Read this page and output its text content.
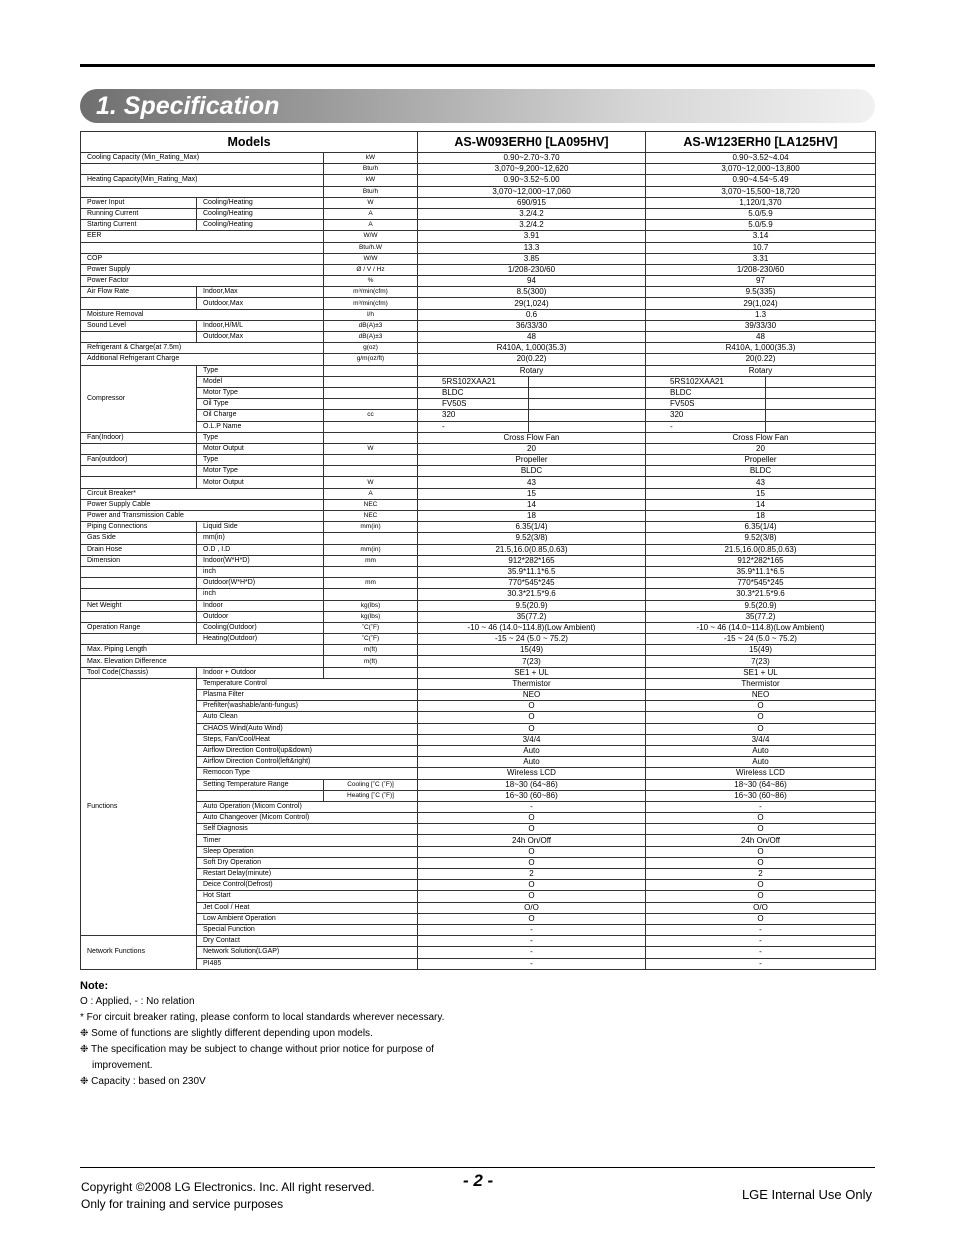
1. Specification
Models			AS-W093ERH0 [LA095HV]		AS-W123ERH0 [LA125HV]	
Cooling Capacity (Min_Rating_Max)		kW	0.90~2.70~3.70		0.90~3.52~4.04	
		Btu/h	3,070~9,200~12,620		3,070~12,000~13,800	
Heating Capacity(Min_Rating_Max)		kW	0.90~3.52~5.00		0.90~4.54~5.49	
		Btu/h	3,070~12,000~17,060		3,070~15,500~18,720	
Power Input	Cooling/Heating	W	690/915		1,120/1,370	
Running Current	Cooling/Heating	A	3.2/4.2		5.0/5.9	
Starting Current	Cooling/Heating	A	3.2/4.2		5.0/5.9	
EER		W/W	3.91		3.14	
		Btu/h.W	13.3		10.7	
COP		W/W	3.85		3.31	
Power Supply		Ø / V / Hz	1/208-230/60		1/208-230/60	
Power Factor		%	94		97	
Air Flow Rate	Indoor,Max	m³/min(cfm)	8.5(300)		9.5(335)	
	Outdoor,Max	m³/min(cfm)	29(1,024)		29(1,024)	
Moisture Removal		l/h	0.6		1.3	
Sound Level	Indoor,H/M/L	dB(A)±3	36/33/30		39/33/30	
	Outdoor,Max	dB(A)±3	48		48	
Refrigerant & Charge(at 7.5m)		g(oz)	R410A, 1,000(35.3)		R410A, 1,000(35.3)	
Additional Refrigerant Charge		g/m(oz/ft)	20(0.22)		20(0.22)	
Compressor	Type		Rotary		Rotary	
	Model		5RS102XAA21		5RS102XAA21	
	Motor Type		BLDC		BLDC	
	Oil Type		FV50S		FV50S	
	Oil Charge	cc	320		320	
	O.L.P Name		-		-	
Fan(Indoor)	Type		Cross Flow Fan		Cross Flow Fan	
	Motor Output	W	20		20	
Fan(outdoor)	Type		Propeller		Propeller	
	Motor Type		BLDC		BLDC	
	Motor Output	W	43		43	
Circuit Breaker*		A	15		15	
Power Supply Cable		NEC	14		14	
Power and Transmission Cable		NEC	18		18	
Piping Connections	Liquid Side	mm(in)	6.35(1/4)		6.35(1/4)	
Gas Side	mm(in)		9.52(3/8)		9.52(3/8)	
Drain Hose	O.D , I.D	mm(in)	21.5,16.0(0.85,0.63)		21.5,16.0(0.85,0.63)	
Dimension	Indoor(W*H*D)	mm	912*282*165		912*282*165	
	inch		35.9*11.1*6.5		35.9*11.1*6.5	
	Outdoor(W*H*D)	mm	770*545*245		770*545*245	
	inch		30.3*21.5*9.6		30.3*21.5*9.6	
Net Weight	Indoor	kg(lbs)	9.5(20.9)		9.5(20.9)	
	Outdoor	kg(lbs)	35(77.2)		35(77.2)	
Operation Range	Cooling(Outdoor)	˚C(˚F)	-10 ~ 46 (14.0~114.8)(Low Ambient)		-10 ~ 46 (14.0~114.8)(Low Ambient)	
	Heating(Outdoor)	˚C(˚F)	-15 ~ 24 (5.0 ~ 75.2)		-15 ~ 24 (5.0 ~ 75.2)	
Max. Piping Length		m(ft)	15(49)		15(49)	
Max. Elevation Difference		m(ft)	7(23)		7(23)	
Tool Code(Chassis)	Indoor + Outdoor		SE1 + UL		SE1 + UL	
Functions	Temperature Control		Thermistor		Thermistor	
	Plasma Filter		NEO		NEO	
	Prefilter(washable/anti-fungus)		O		O	
	Auto Clean		O		O	
	CHAOS Wind(Auto Wind)		O		O	
	Steps, Fan/Cool/Heat		3/4/4		3/4/4	
	Airflow Direction Control(up&down)		Auto		Auto	
	Airflow Direction Control(left&right)		Auto		Auto	
	Remocon Type		Wireless LCD		Wireless LCD	
	Setting Temperature Range	Cooling [˚C (˚F)]	18~30 (64~86)		18~30 (64~86)	
		Heating [˚C (˚F)]	16~30 (60~86)		16~30 (60~86)	
	Auto Operation (Micom Control)		-		-	
	Auto Changeover (Micom Control)		O		O	
	Self Diagnosis		O		O	
	Timer		24h On/Off		24h On/Off	
	Sleep Operation		O		O	
	Soft Dry Operation		O		O	
	Restart Delay(minute)		2		2	
	Deice Control(Defrost)		O		O	
	Hot Start		O		O	
	Jet Cool / Heat		O/O		O/O	
	Low Ambient Operation		O		O	
	Special Function		-		-	
Network Functions	Dry Contact		-		-	
	Network Solution(LGAP)		-		-	
	PI485		-		-	
Note:
O : Applied, - : No relation
* For circuit breaker rating, please conform to local standards wherever necessary.
❉ Some of functions are slightly different depending upon models.
❉ The specification may be subject to change without prior notice for purpose of
improvement.
❉ Capacity : based on 230V
Copyright ©2008 LG Electronics. Inc. All right reserved.
Only for training and service purposes
- 2 -
LGE Internal Use Only
